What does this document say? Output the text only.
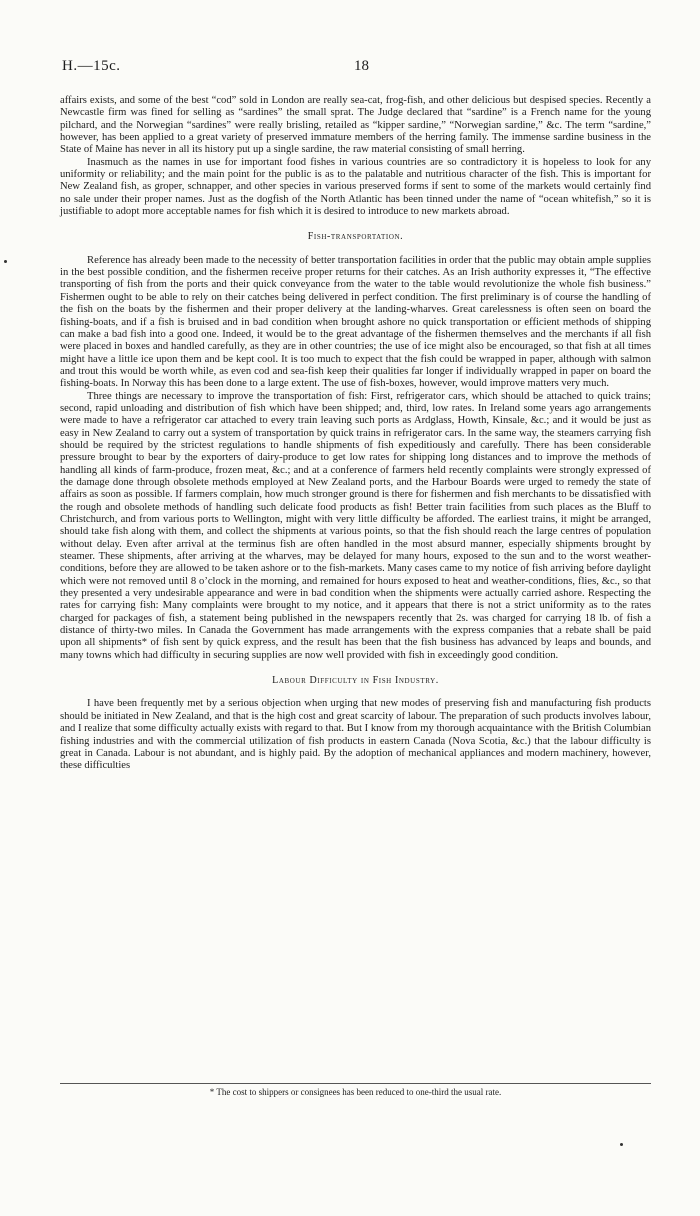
H.—15c.	18

affairs exists, and some of the best “cod” sold in London are really sea-cat, frog-fish, and other delicious but despised species. Recently a Newcastle firm was fined for selling as “sardines” the small sprat. The Judge declared that “sardine” is a French name for the young pilchard, and the Norwegian “sardines” were really brisling, retailed as “kipper sardine,” “Norwegian sardine,” &c. The term “sardine,” however, has been applied to a great variety of preserved immature members of the herring family. The immense sardine business in the State of Maine has never in all its history put up a single sardine, the raw material consisting of small herring.

Inasmuch as the names in use for important food fishes in various countries are so contradictory it is hopeless to look for any uniformity or reliability; and the main point for the public is as to the palatable and nutritious character of the fish. This is important for New Zealand fish, as groper, schnapper, and other species in various preserved forms if sent to some of the markets would certainly find no sale under their proper names. Just as the dogfish of the North Atlantic has been tinned under the name of “ocean whitefish,” so it is justifiable to adopt more acceptable names for fish which it is desired to introduce to new markets abroad.

Fish-transportation.

Reference has already been made to the necessity of better transportation facilities in order that the public may obtain ample supplies in the best possible condition, and the fishermen receive proper returns for their catches. As an Irish authority expresses it, “The effective transporting of fish from the ports and their quick conveyance from the water to the table would revolutionize the whole fish business.” Fishermen ought to be able to rely on their catches being delivered in perfect condition. The first preliminary is of course the handling of the fish on the boats by the fishermen and their proper delivery at the landing-wharves. Great carelessness is often seen on board the fishing-boats, and if a fish is bruised and in bad condition when brought ashore no quick transportation or efficient methods of shipping can make a bad fish into a good one. Indeed, it would be to the great advantage of the fishermen themselves and the merchants if all fish were placed in boxes and handled carefully, as they are in other countries; the use of ice might also be encouraged, so that fish at all times might have a little ice upon them and be kept cool. It is too much to expect that the fish could be wrapped in paper, although with salmon and trout this would be worth while, as even cod and sea-fish keep their qualities far longer if individually wrapped in paper on board the fishing-boats. In Norway this has been done to a large extent. The use of fish-boxes, however, would improve matters very much.

Three things are necessary to improve the transportation of fish: First, refrigerator cars, which should be attached to quick trains; second, rapid unloading and distribution of fish which have been shipped; and, third, low rates. In Ireland some years ago arrangements were made to have a refrigerator car attached to every train leaving such ports as Ardglass, Howth, Kinsale, &c.; and it would be just as easy in New Zealand to carry out a system of transportation by quick trains in refrigerator cars. In the same way, the steamers carrying fish should be required by the strictest regulations to handle shipments of fish expeditiously and carefully. There has been considerable pressure brought to bear by the exporters of dairy-produce to get low rates for shipping long distances and to improve the methods of handling all kinds of farm-produce, frozen meat, &c.; and at a conference of farmers held recently complaints were strongly expressed of the damage done through obsolete methods employed at New Zealand ports, and the Harbour Boards were urged to remedy the state of affairs as soon as possible. If farmers complain, how much stronger ground is there for fishermen and fish merchants to be dissatisfied with the rough and obsolete methods of handling such delicate food products as fish! Better train facilities from such places as the Bluff to Christchurch, and from various ports to Wellington, might with very little difficulty be afforded. The earliest trains, it might be arranged, should take fish along with them, and collect the shipments at various points, so that the fish should reach the large centres of population without delay. Even after arrival at the terminus fish are often handled in the most absurd manner, especially shipments brought by steamer. These shipments, after arriving at the wharves, may be delayed for many hours, exposed to the sun and to the worst weather-conditions, before they are allowed to be taken ashore or to the fish-markets. Many cases came to my notice of fish arriving before daylight which were not removed until 8 o’clock in the morning, and remained for hours exposed to heat and weather-conditions, flies, &c., so that they presented a very undesirable appearance and were in bad condition when the shipments were actually carried ashore. Respecting the rates for carrying fish: Many complaints were brought to my notice, and it appears that there is not a strict uniformity as to the rates charged for packages of fish, a statement being published in the newspapers recently that 2s. was charged for carrying 18 lb. of fish a distance of thirty-two miles. In Canada the Government has made arrangements with the express companies that a rebate shall be paid upon all shipments* of fish sent by quick express, and the result has been that the fish business has advanced by leaps and bounds, and many towns which had difficulty in securing supplies are now well provided with fish in exceedingly good condition.

Labour Difficulty in Fish Industry.

I have been frequently met by a serious objection when urging that new modes of preserving fish and manufacturing fish products should be initiated in New Zealand, and that is the high cost and great scarcity of labour. The preparation of such products involves labour, and I realize that some difficulty actually exists with regard to that. But I know from my thorough acquaintance with the British Columbian fishing industries and with the commercial utilization of fish products in eastern Canada (Nova Scotia, &c.) that the labour difficulty is great in Canada. Labour is not abundant, and is highly paid. By the adoption of mechanical appliances and modern machinery, however, these difficulties

* The cost to shippers or consignees has been reduced to one-third the usual rate.
